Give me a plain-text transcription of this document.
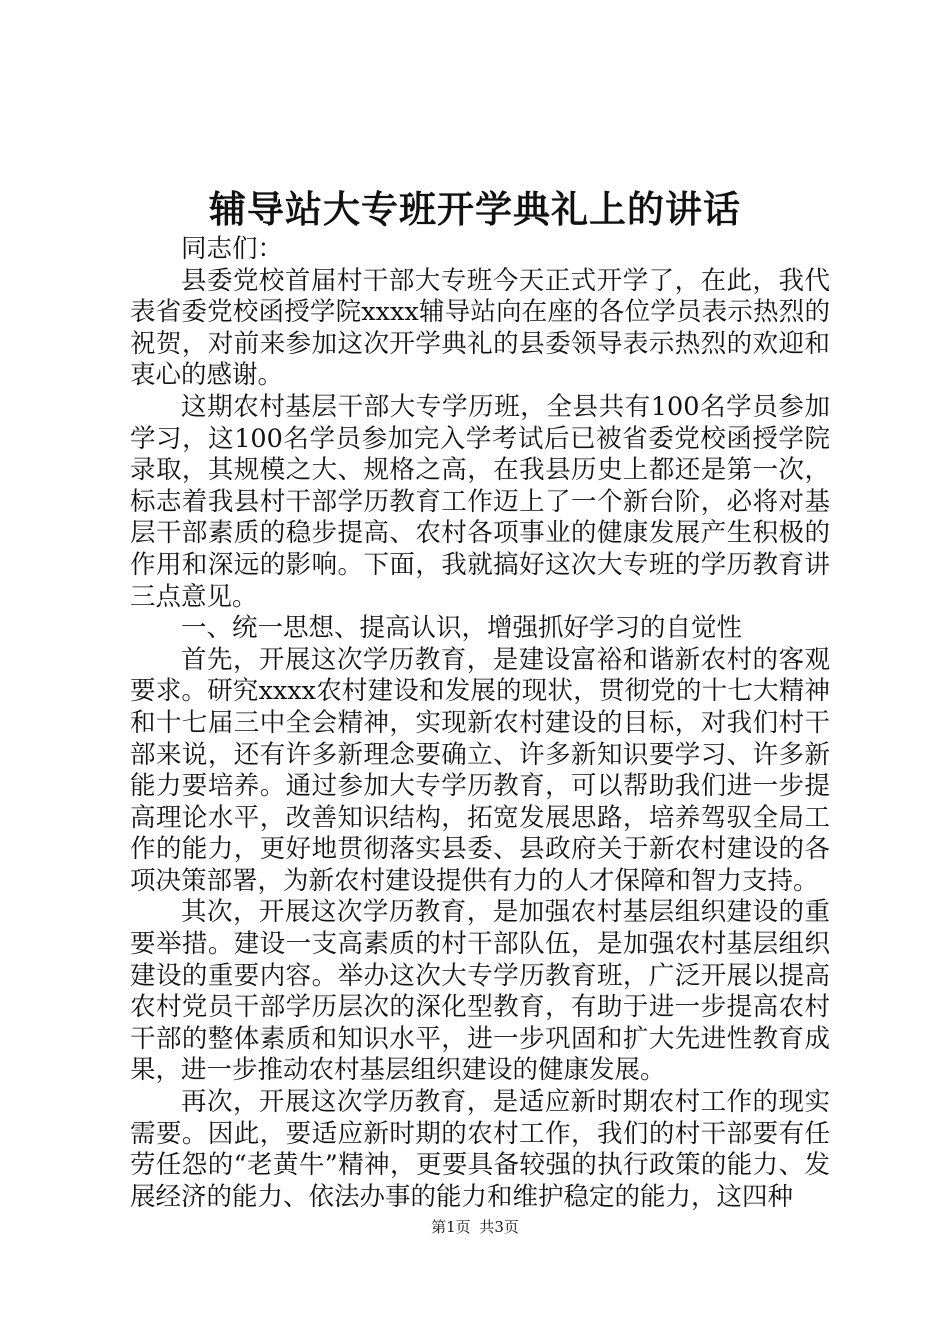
辅导站大专班开学典礼上的讲话

同志们：

县委党校首届村干部大专班今天正式开学了，在此，我代表省委党校函授学院xxxx辅导站向在座的各位学员表示热烈的祝贺，对前来参加这次开学典礼的县委领导表示热烈的欢迎和衷心的感谢。

这期农村基层干部大专学历班，全县共有100名学员参加学习，这100名学员参加完入学考试后已被省委党校函授学院录取，其规模之大、规格之高，在我县历史上都还是第一次，标志着我县村干部学历教育工作迈上了一个新台阶，必将对基层干部素质的稳步提高、农村各项事业的健康发展产生积极的作用和深远的影响。下面，我就搞好这次大专班的学历教育讲三点意见。

一、统一思想、提高认识，增强抓好学习的自觉性

首先，开展这次学历教育，是建设富裕和谐新农村的客观要求。研究xxxx农村建设和发展的现状，贯彻党的十七大精神和十七届三中全会精神，实现新农村建设的目标，对我们村干部来说，还有许多新理念要确立、许多新知识要学习、许多新能力要培养。通过参加大专学历教育，可以帮助我们进一步提高理论水平，改善知识结构，拓宽发展思路，培养驾驭全局工作的能力，更好地贯彻落实县委、县政府关于新农村建设的各项决策部署，为新农村建设提供有力的人才保障和智力支持。

其次，开展这次学历教育，是加强农村基层组织建设的重要举措。建设一支高素质的村干部队伍，是加强农村基层组织建设的重要内容。举办这次大专学历教育班，广泛开展以提高农村党员干部学历层次的深化型教育，有助于进一步提高农村干部的整体素质和知识水平，进一步巩固和扩大先进性教育成果，进一步推动农村基层组织建设的健康发展。

再次，开展这次学历教育，是适应新时期农村工作的现实需要。因此，要适应新时期的农村工作，我们的村干部要有任劳任怨的“老黄牛”精神，更要具备较强的执行政策的能力、发展经济的能力、依法办事的能力和维护稳定的能力，这四种

第1页 共3页
